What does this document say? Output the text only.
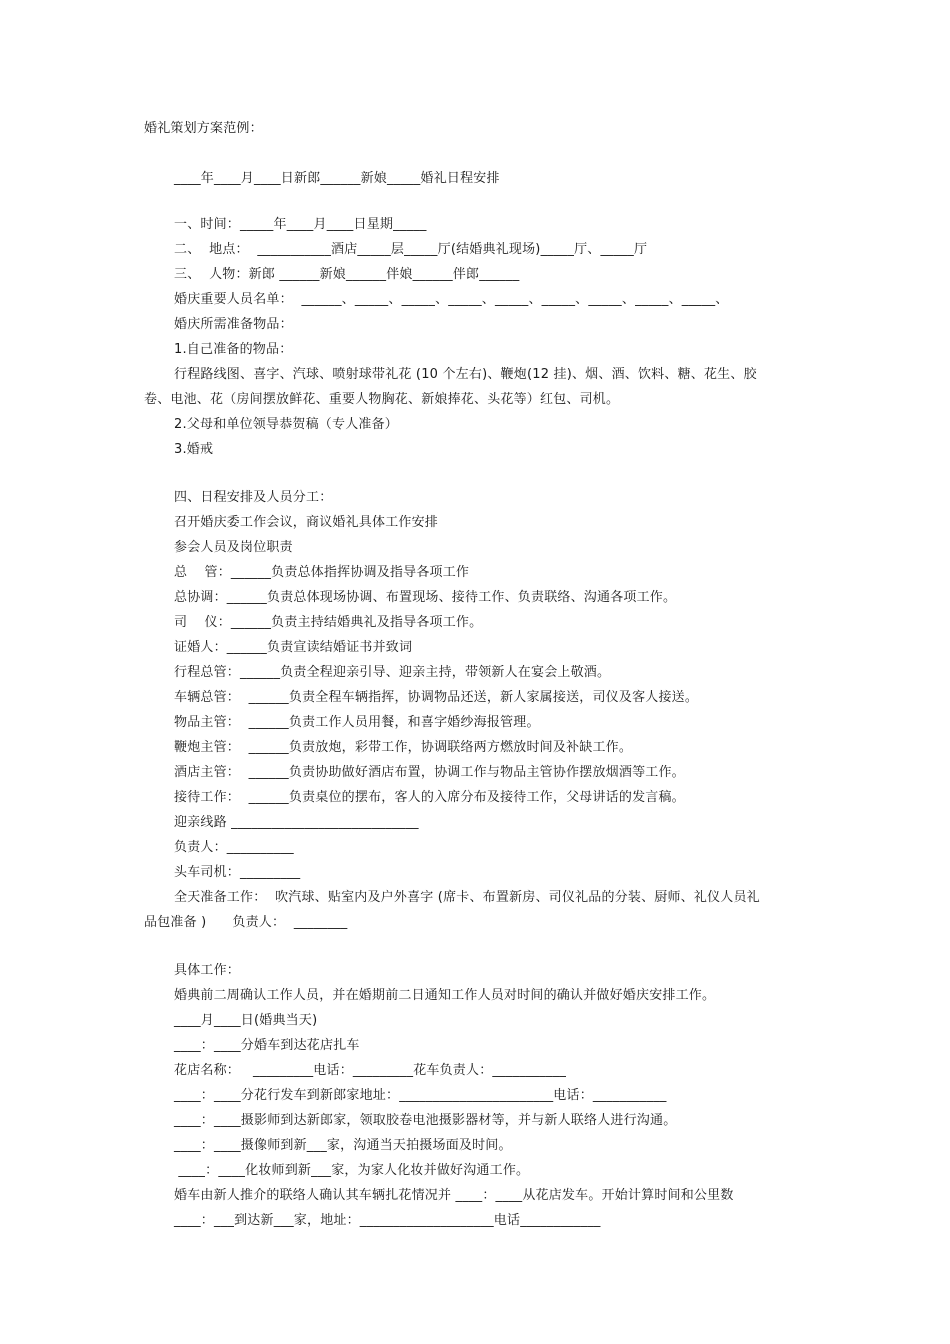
婚礼策划方案范例：
____年____月____日新郎______新娘_____婚礼日程安排
一、时间：_____年____月____日星期_____
二、  地点：  ___________酒店_____层_____厅(结婚典礼现场)_____厅、_____厅
三、  人物：新郎 ______新娘______伴娘______伴郎______
婚庆重要人员名单：  ______、_____、_____、_____、_____、_____、_____、_____、_____、
婚庆所需准备物品：
1.自己准备的物品：
行程路线图、喜字、汽球、喷射球带礼花 (10 个左右)、鞭炮(12 挂)、烟、酒、饮料、糖、花生、胶
卷、电池、花（房间摆放鲜花、重要人物胸花、新娘捧花、头花等）红包、司机。
2.父母和单位领导恭贺稿（专人准备）
3.婚戒
四、日程安排及人员分工：
召开婚庆委工作会议，商议婚礼具体工作安排
参会人员及岗位职责
总    管：______负责总体指挥协调及指导各项工作
总协调：______负责总体现场协调、布置现场、接待工作、负责联络、沟通各项工作。
司    仪：______负责主持结婚典礼及指导各项工作。
证婚人：______负责宣读结婚证书并致词
行程总管：______负责全程迎亲引导、迎亲主持，带领新人在宴会上敬酒。
车辆总管：  ______负责全程车辆指挥，协调物品还送，新人家属接送，司仪及客人接送。
物品主管：  ______负责工作人员用餐，和喜字婚纱海报管理。
鞭炮主管：  ______负责放炮，彩带工作，协调联络两方燃放时间及补缺工作。
酒店主管：  ______负责协助做好酒店布置，协调工作与物品主管协作摆放烟酒等工作。
接待工作：  ______负责桌位的摆布，客人的入席分布及接待工作，父母讲话的发言稿。
迎亲线路 ____________________________
负责人：__________
头车司机：_________
全天准备工作：  吹汽球、贴室内及户外喜字 (席卡、布置新房、司仪礼品的分装、厨师、礼仪人员礼
品包准备 )      负责人：  ________
具体工作：
婚典前二周确认工作人员，并在婚期前二日通知工作人员对时间的确认并做好婚庆安排工作。
____月____日(婚典当天)
____：____分婚车到达花店扎车
花店名称：   _________电话：_________花车负责人：___________
____：____分花行发车到新郎家地址：_______________________电话：___________
____：____摄影师到达新郎家，领取胶卷电池摄影器材等，并与新人联络人进行沟通。
____：____摄像师到新___家，沟通当天拍摄场面及时间。
____：____化妆师到新___家，为家人化妆并做好沟通工作。
婚车由新人推介的联络人确认其车辆扎花情况并 ____：____从花店发车。开始计算时间和公里数
____：___到达新___家，地址：____________________电话____________
